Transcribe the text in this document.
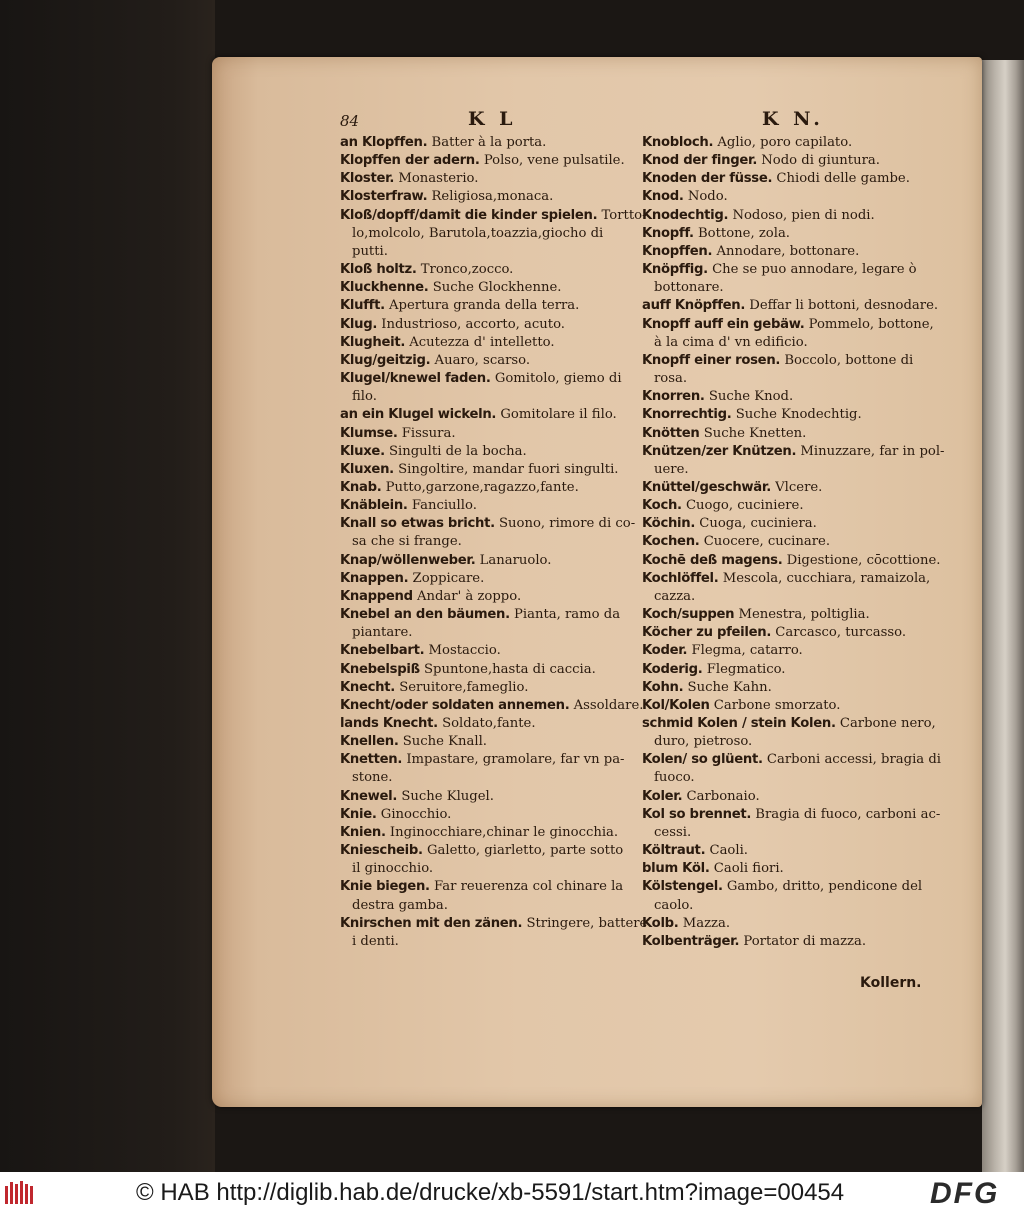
84	K L	K N.
an Klopffen. Batter à la porta.
Klopffen der adern. Polso, vene pulsatile.
Kloster. Monasterio.
Klosterfraw. Religiosa,monaca.
Kloß/dopff/damit die kinder spielen. Tortto-
lo,molcolo, Barutola,toazzia,giocho di
putti.
Kloß holtz. Tronco,zocco.
Kluckhenne. Suche Glockhenne.
Klufft. Apertura granda della terra.
Klug. Industrioso, accorto, acuto.
Klugheit. Acutezza d' intelletto.
Klug/geitzig. Auaro, scarso.
Klugel/knewel faden. Gomitolo, giemo di
filo.
an ein Klugel wickeln. Gomitolare il filo.
Klumse. Fissura.
Kluxe. Singulti de la bocha.
Kluxen. Singoltire, mandar fuori singulti.
Knab. Putto,garzone,ragazzo,fante.
Knäblein. Fanciullo.
Knall so etwas bricht. Suono, rimore di co-
sa che si frange.
Knap/wöllenweber. Lanaruolo.
Knappen. Zoppicare.
Knappend Andar' à zoppo.
Knebel an den bäumen. Pianta, ramo da
piantare.
Knebelbart. Mostaccio.
Knebelspiß Spuntone,hasta di caccia.
Knecht. Seruitore,fameglio.
Knecht/oder soldaten annemen. Assoldare.
lands Knecht. Soldato,fante.
Knellen. Suche Knall.
Knetten. Impastare, gramolare, far vn pa-
stone.
Knewel. Suche Klugel.
Knie. Ginocchio.
Knien. Inginocchiare,chinar le ginocchia.
Kniescheib. Galetto, giarletto, parte sotto
il ginocchio.
Knie biegen. Far reuerenza col chinare la
destra gamba.
Knirschen mit den zänen. Stringere, battere
i denti.
Knobloch. Aglio, poro capilato.
Knod der finger. Nodo di giuntura.
Knoden der füsse. Chiodi delle gambe.
Knod. Nodo.
Knodechtig. Nodoso, pien di nodi.
Knopff. Bottone, zola.
Knopffen. Annodare, bottonare.
Knöpffig. Che se puo annodare, legare ò
bottonare.
auff Knöpffen. Deffar li bottoni, desnodare.
Knopff auff ein gebäw. Pommelo, bottone,
à la cima d' vn edificio.
Knopff einer rosen. Boccolo, bottone di
rosa.
Knorren. Suche Knod.
Knorrechtig. Suche Knodechtig.
Knötten Suche Knetten.
Knützen/zer Knützen. Minuzzare, far in pol-
uere.
Knüttel/geschwär. Vlcere.
Koch. Cuogo, cuciniere.
Köchin. Cuoga, cuciniera.
Kochen. Cuocere, cucinare.
Kochē deß magens. Digestione, cōcottione.
Kochlöffel. Mescola, cucchiara, ramaizola,
cazza.
Koch/suppen Menestra, poltiglia.
Köcher zu pfeilen. Carcasco, turcasso.
Koder. Flegma, catarro.
Koderig. Flegmatico.
Kohn. Suche Kahn.
Kol/Kolen Carbone smorzato.
schmid Kolen / stein Kolen. Carbone nero,
duro, pietroso.
Kolen/ so glüent. Carboni accessi, bragia di
fuoco.
Koler. Carbonaio.
Kol so brennet. Bragia di fuoco, carboni ac-
cessi.
Költraut. Caoli.
blum Köl. Caoli fiori.
Kölstengel. Gambo, dritto, pendicone del
caolo.
Kolb. Mazza.
Kolbenträger. Portator di mazza.
Kollern.
© HAB http://diglib.hab.de/drucke/xb-5591/start.htm?image=00454	DFG
